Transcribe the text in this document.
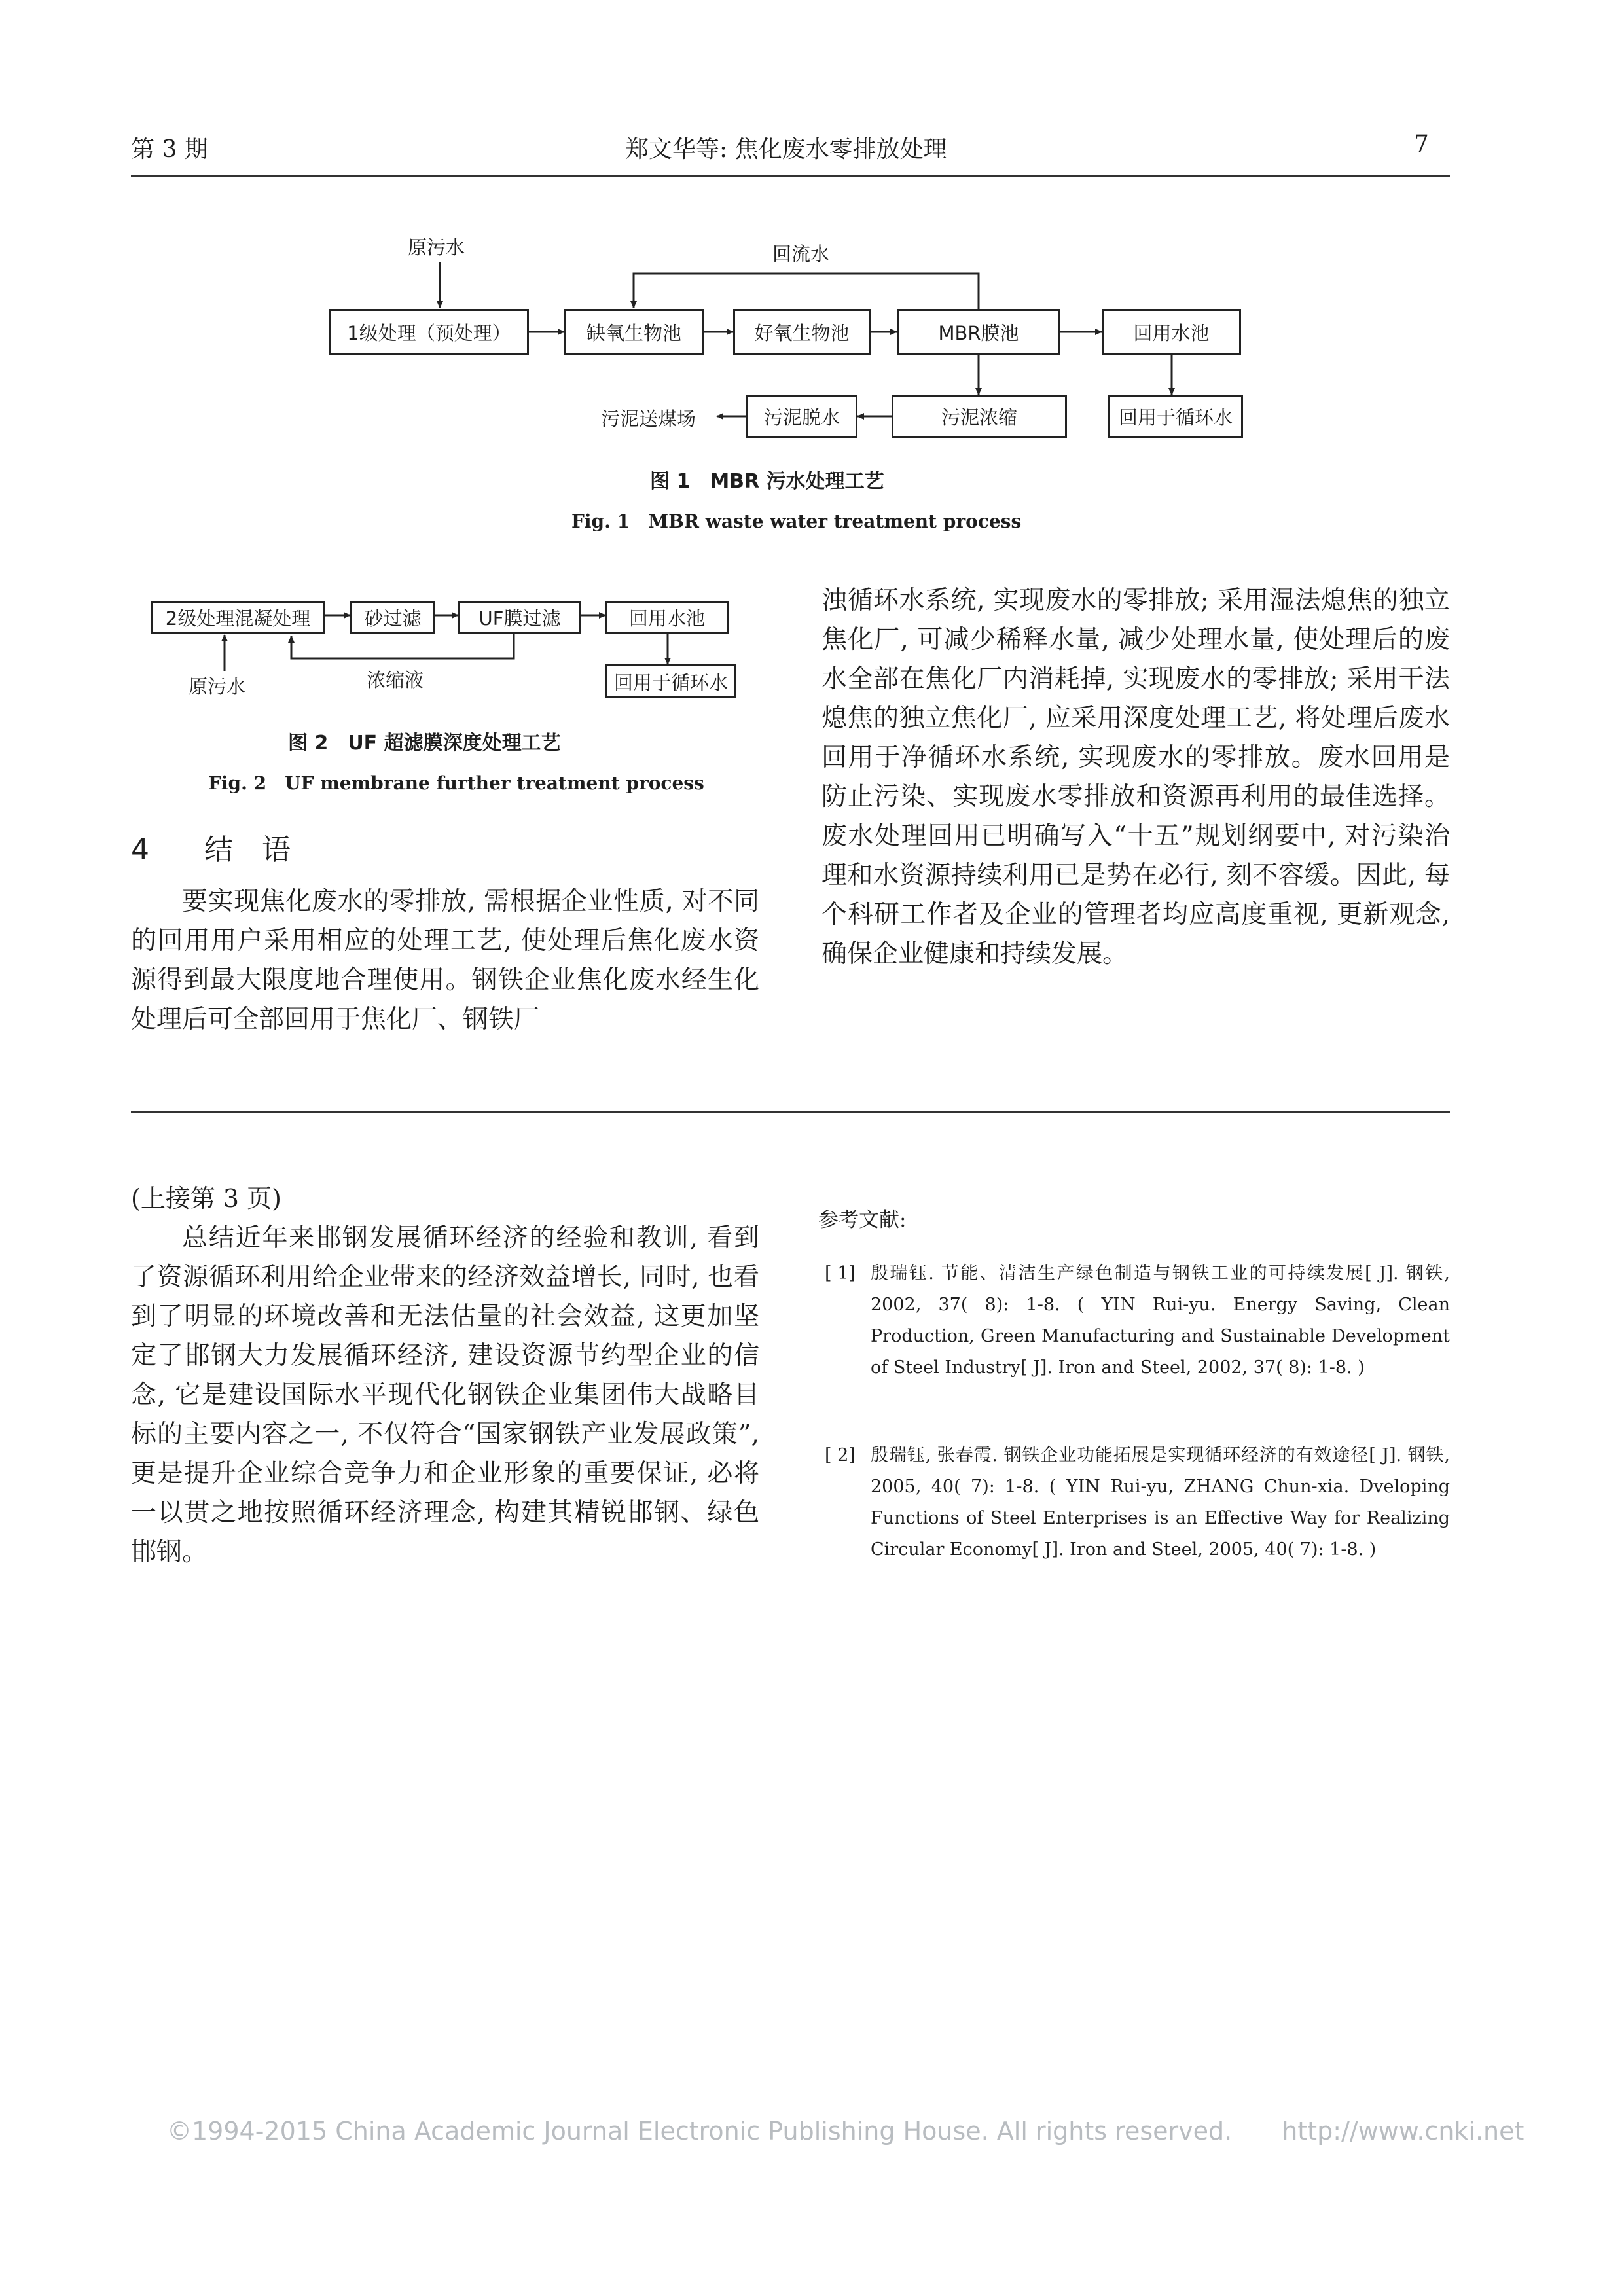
第 3 期	郑文华等: 焦化废水零排放处理	7
原污水	回流水
1级处理（预处理）	缺氧生物池	好氧生物池	MBR膜池	回用水池
污泥送煤场	污泥脱水	污泥浓缩	回用于循环水
图 1　MBR 污水处理工艺
Fig. 1　MBR waste water treatment process
2级处理混凝处理	砂过滤	UF膜过滤	回用水池
原污水	浓缩液	回用于循环水
图 2　UF 超滤膜深度处理工艺
Fig. 2　UF membrane further treatment process
4 结　语

要实现焦化废水的零排放, 需根据企业性质, 对不同的回用用户采用相应的处理工艺, 使处理后焦化废水资源得到最大限度地合理使用。钢铁企业焦化废水经生化处理后可全部回用于焦化厂、钢铁厂

浊循环水系统, 实现废水的零排放; 采用湿法熄焦的独立焦化厂, 可减少稀释水量, 减少处理水量, 使处理后的废水全部在焦化厂内消耗掉, 实现废水的零排放; 采用干法熄焦的独立焦化厂, 应采用深度处理工艺, 将处理后废水回用于净循环水系统, 实现废水的零排放。废水回用是防止污染、实现废水零排放和资源再利用的最佳选择。废水处理回用已明确写入“十五”规划纲要中, 对污染治理和水资源持续利用已是势在必行, 刻不容缓。因此, 每个科研工作者及企业的管理者均应高度重视, 更新观念, 确保企业健康和持续发展。

(上接第 3 页)

总结近年来邯钢发展循环经济的经验和教训, 看到了资源循环利用给企业带来的经济效益增长, 同时, 也看到了明显的环境改善和无法估量的社会效益, 这更加坚定了邯钢大力发展循环经济, 建设资源节约型企业的信念, 它是建设国际水平现代化钢铁企业集团伟大战略目标的主要内容之一, 不仅符合“国家钢铁产业发展政策”, 更是提升企业综合竞争力和企业形象的重要保证, 必将一以贯之地按照循环经济理念, 构建其精锐邯钢、绿色邯钢。

参考文献:
[ 1] 殷瑞钰. 节能、清洁生产绿色制造与钢铁工业的可持续发展[ J]. 钢铁, 2002, 37( 8): 1-8. ( YIN Rui-yu. Energy Saving, Clean Production, Green Manufacturing and Sustainable Development of Steel Industry[ J]. Iron and Steel, 2002, 37( 8): 1-8. )
[ 2] 殷瑞钰, 张春霞. 钢铁企业功能拓展是实现循环经济的有效途径[ J]. 钢铁, 2005, 40( 7): 1-8. ( YIN Rui-yu, ZHANG Chun-xia. Dveloping Functions of Steel Enterprises is an Effective Way for Realizing Circular Economy[ J]. Iron and Steel, 2005, 40( 7): 1-8. )
©1994-2015 China Academic Journal Electronic Publishing House. All rights reserved.　　http://www.cnki.net
